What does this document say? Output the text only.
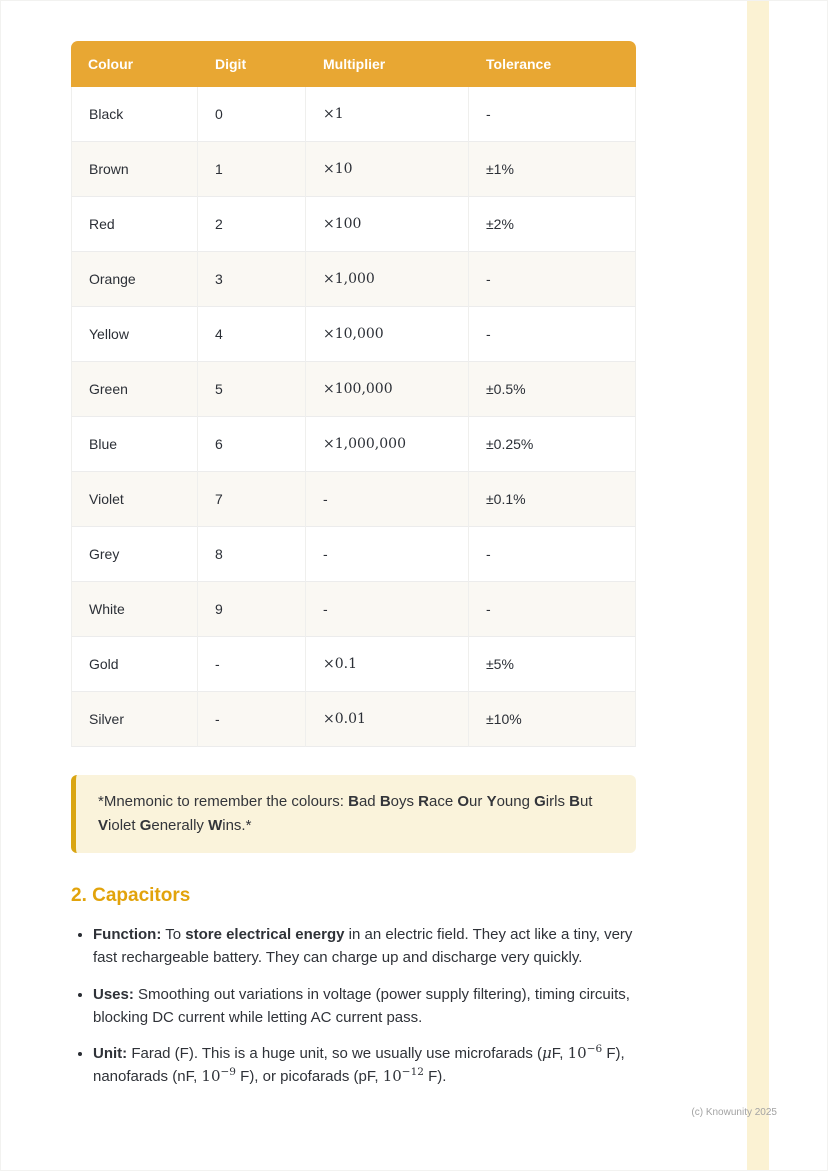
Colour	Digit	Multiplier	Tolerance
Black	0	×1	-
Brown	1	×10	±1%
Red	2	×100	±2%
Orange	3	×1,000	-
Yellow	4	×10,000	-
Green	5	×100,000	±0.5%
Blue	6	×1,000,000	±0.25%
Violet	7	-	±0.1%
Grey	8	-	-
White	9	-	-
Gold	-	×0.1	±5%
Silver	-	×0.01	±10%

*Mnemonic to remember the colours: Bad Boys Race Our Young Girls But Violet Generally Wins.*

2. Capacitors
• Function: To store electrical energy in an electric field. They act like a tiny, very fast rechargeable battery. They can charge up and discharge very quickly.
• Uses: Smoothing out variations in voltage (power supply filtering), timing circuits, blocking DC current while letting AC current pass.
• Unit: Farad (F). This is a huge unit, so we usually use microfarads (μF, $10^{-6}$ F), nanofarads (nF, $10^{-9}$ F), or picofarads (pF, $10^{-12}$ F).
(c) Knowunity 2025
